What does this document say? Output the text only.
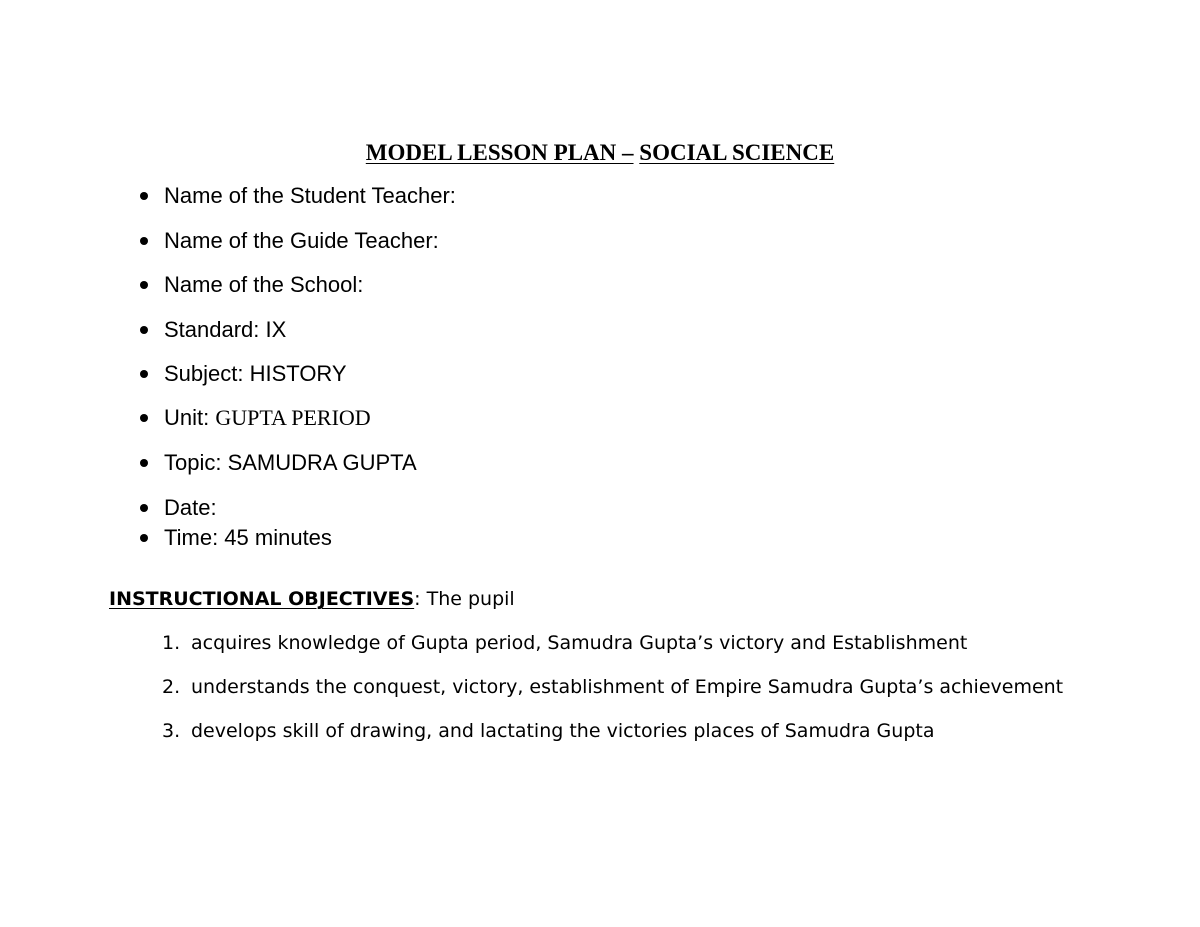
MODEL LESSON PLAN – SOCIAL SCIENCE
Name of the Student Teacher:
Name of the Guide Teacher:
Name of the School:
Standard: IX
Subject: HISTORY
Unit: GUPTA PERIOD
Topic: SAMUDRA GUPTA
Date:
Time: 45 minutes
INSTRUCTIONAL OBJECTIVES: The pupil
1. acquires knowledge of Gupta period, Samudra Gupta’s victory and Establishment
2. understands the conquest, victory, establishment of Empire Samudra Gupta’s achievement
3. develops skill of drawing, and lactating the victories places of Samudra Gupta
